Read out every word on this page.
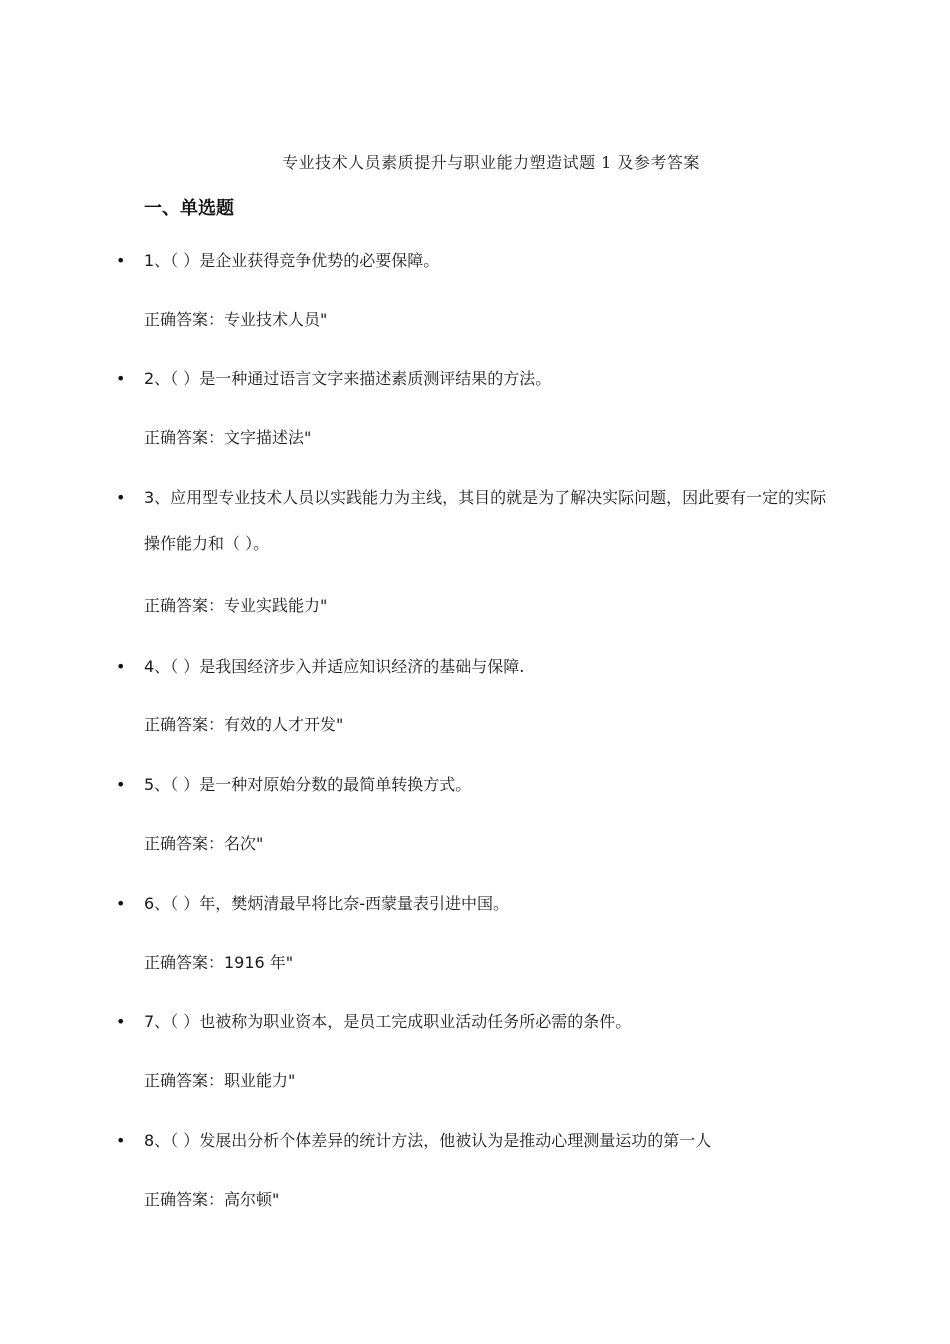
专业技术人员素质提升与职业能力塑造试题 1 及参考答案
一、单选题
• 1、（ ）是企业获得竞争优势的必要保障。
正确答案：专业技术人员"
• 2、（ ）是一种通过语言文字来描述素质测评结果的方法。
正确答案：文字描述法"
• 3、应用型专业技术人员以实践能力为主线，其目的就是为了解决实际问题，因此要有一定的实际操作能力和（ ）。
正确答案：专业实践能力"
• 4、（ ）是我国经济步入并适应知识经济的基础与保障.
正确答案：有效的人才开发"
• 5、（ ）是一种对原始分数的最简单转换方式。
正确答案：名次"
• 6、（ ）年，樊炳清最早将比奈-西蒙量表引进中国。
正确答案：1916 年"
• 7、（ ）也被称为职业资本，是员工完成职业活动任务所必需的条件。
正确答案：职业能力"
• 8、（ ）发展出分析个体差异的统计方法，他被认为是推动心理测量运功的第一人
正确答案：高尔顿"
